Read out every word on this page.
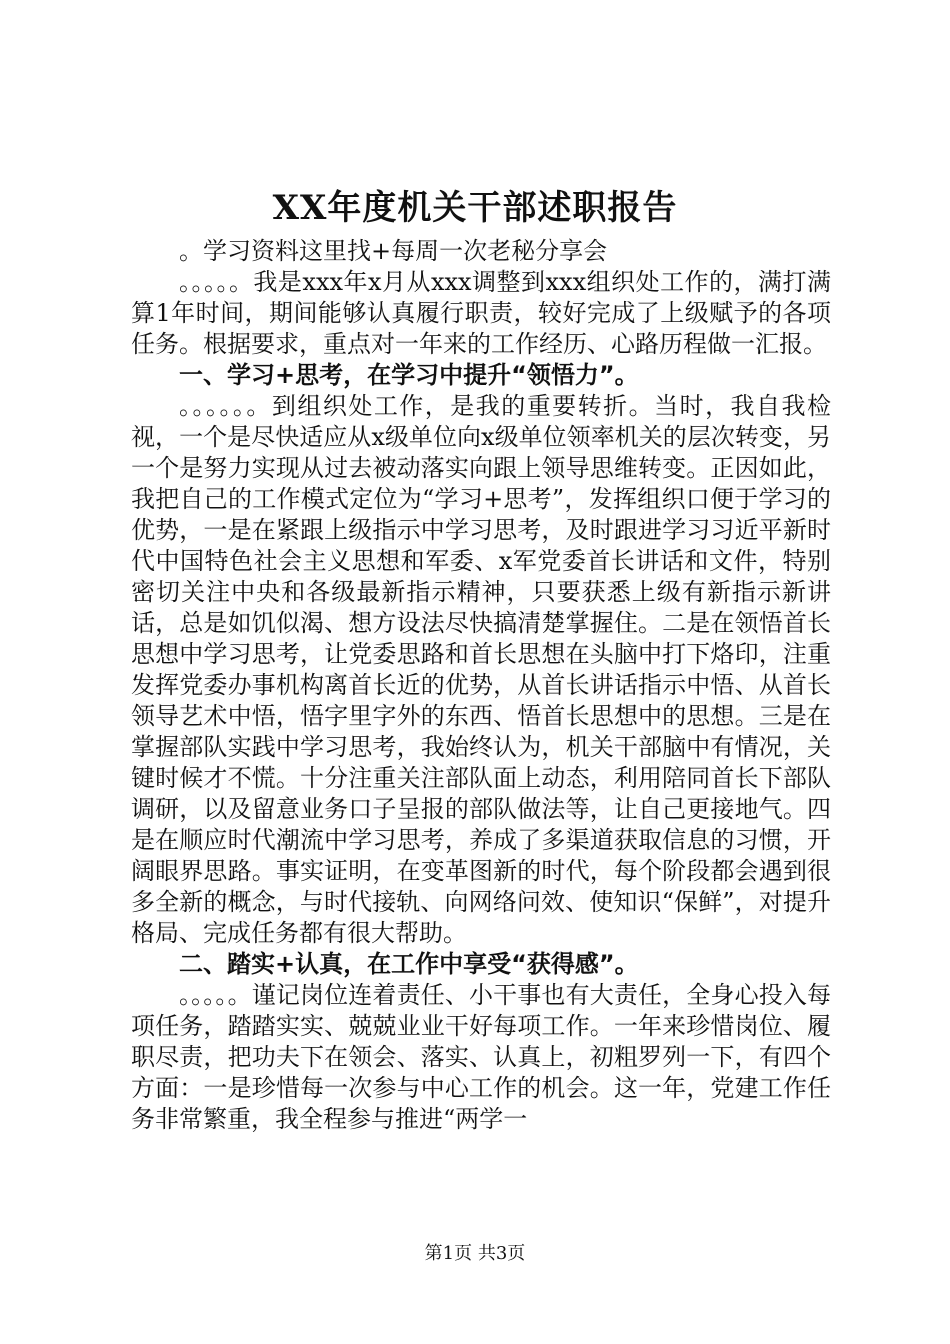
XX年度机关干部述职报告

。学习资料这里找+每周一次老秘分享会

。。。。。我是xxx年x月从xxx调整到xxx组织处工作的，满打满算1年时间，期间能够认真履行职责，较好完成了上级赋予的各项任务。根据要求，重点对一年来的工作经历、心路历程做一汇报。

一、学习+思考，在学习中提升“领悟力”。

。。。。。。到组织处工作，是我的重要转折。当时，我自我检视，一个是尽快适应从x级单位向x级单位领率机关的层次转变，另一个是努力实现从过去被动落实向跟上领导思维转变。正因如此，我把自己的工作模式定位为“学习+思考”，发挥组织口便于学习的优势，一是在紧跟上级指示中学习思考，及时跟进学习习近平新时代中国特色社会主义思想和军委、x军党委首长讲话和文件，特别密切关注中央和各级最新指示精神，只要获悉上级有新指示新讲话，总是如饥似渴、想方设法尽快搞清楚掌握住。二是在领悟首长思想中学习思考，让党委思路和首长思想在头脑中打下烙印，注重发挥党委办事机构离首长近的优势，从首长讲话指示中悟、从首长领导艺术中悟，悟字里字外的东西、悟首长思想中的思想。三是在掌握部队实践中学习思考，我始终认为，机关干部脑中有情况，关键时候才不慌。十分注重关注部队面上动态，利用陪同首长下部队调研，以及留意业务口子呈报的部队做法等，让自己更接地气。四是在顺应时代潮流中学习思考，养成了多渠道获取信息的习惯，开阔眼界思路。事实证明，在变革图新的时代，每个阶段都会遇到很多全新的概念，与时代接轨、向网络问效、使知识“保鲜”，对提升格局、完成任务都有很大帮助。

二、踏实+认真，在工作中享受“获得感”。

。。。。。谨记岗位连着责任、小干事也有大责任，全身心投入每项任务，踏踏实实、兢兢业业干好每项工作。一年来珍惜岗位、履职尽责，把功夫下在领会、落实、认真上，初粗罗列一下，有四个方面：一是珍惜每一次参与中心工作的机会。这一年，党建工作任务非常繁重，我全程参与推进“两学一

第1页 共3页
